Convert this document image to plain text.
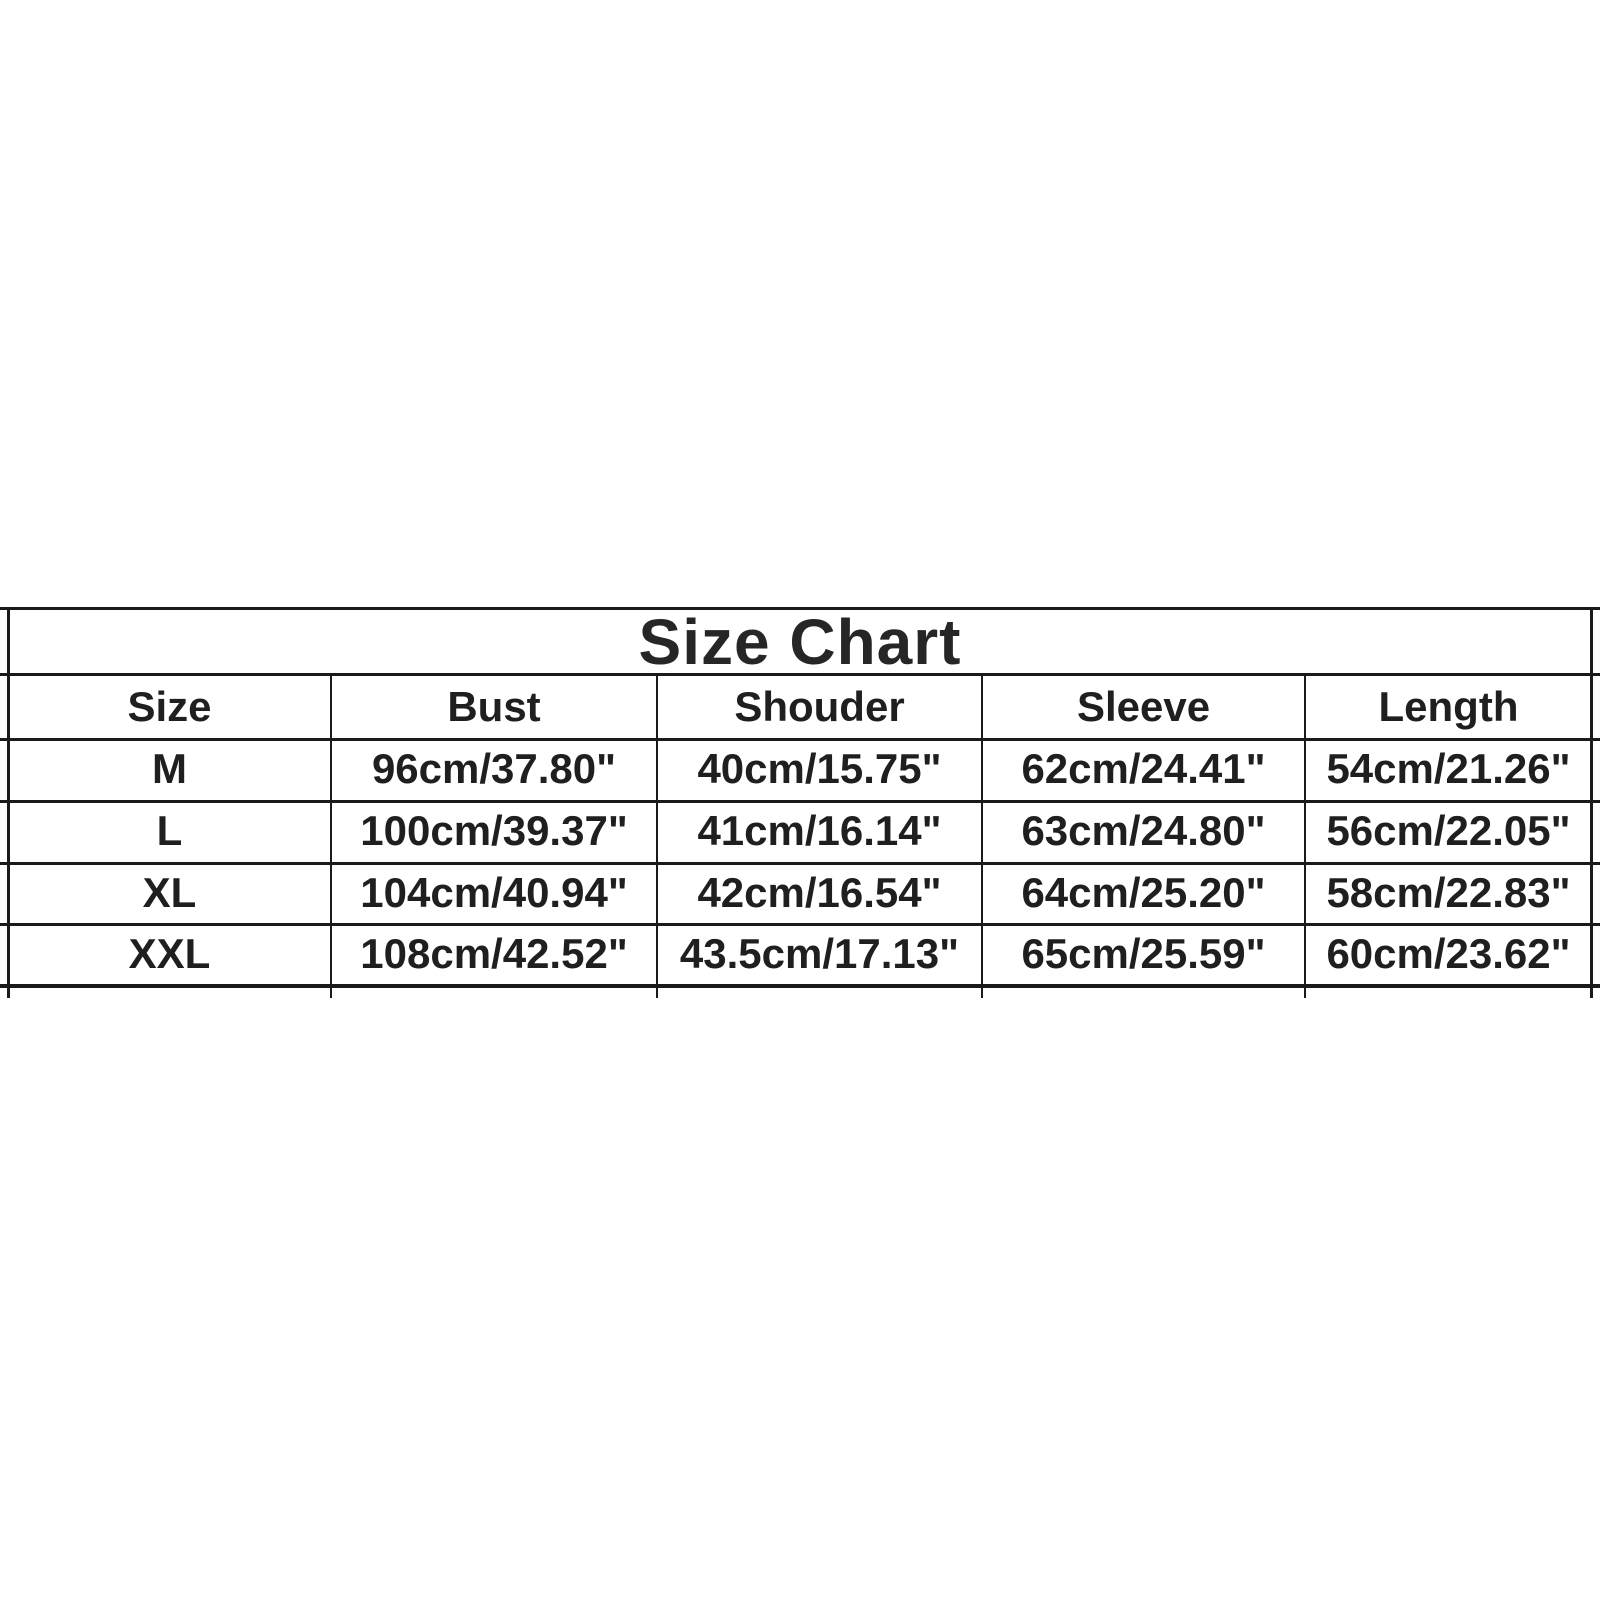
Size Chart
Size	Bust	Shouder	Sleeve	Length
M	96cm/37.80"	40cm/15.75"	62cm/24.41"	54cm/21.26"
L	100cm/39.37"	41cm/16.14"	63cm/24.80"	56cm/22.05"
XL	104cm/40.94"	42cm/16.54"	64cm/25.20"	58cm/22.83"
XXL	108cm/42.52"	43.5cm/17.13"	65cm/25.59"	60cm/23.62"
